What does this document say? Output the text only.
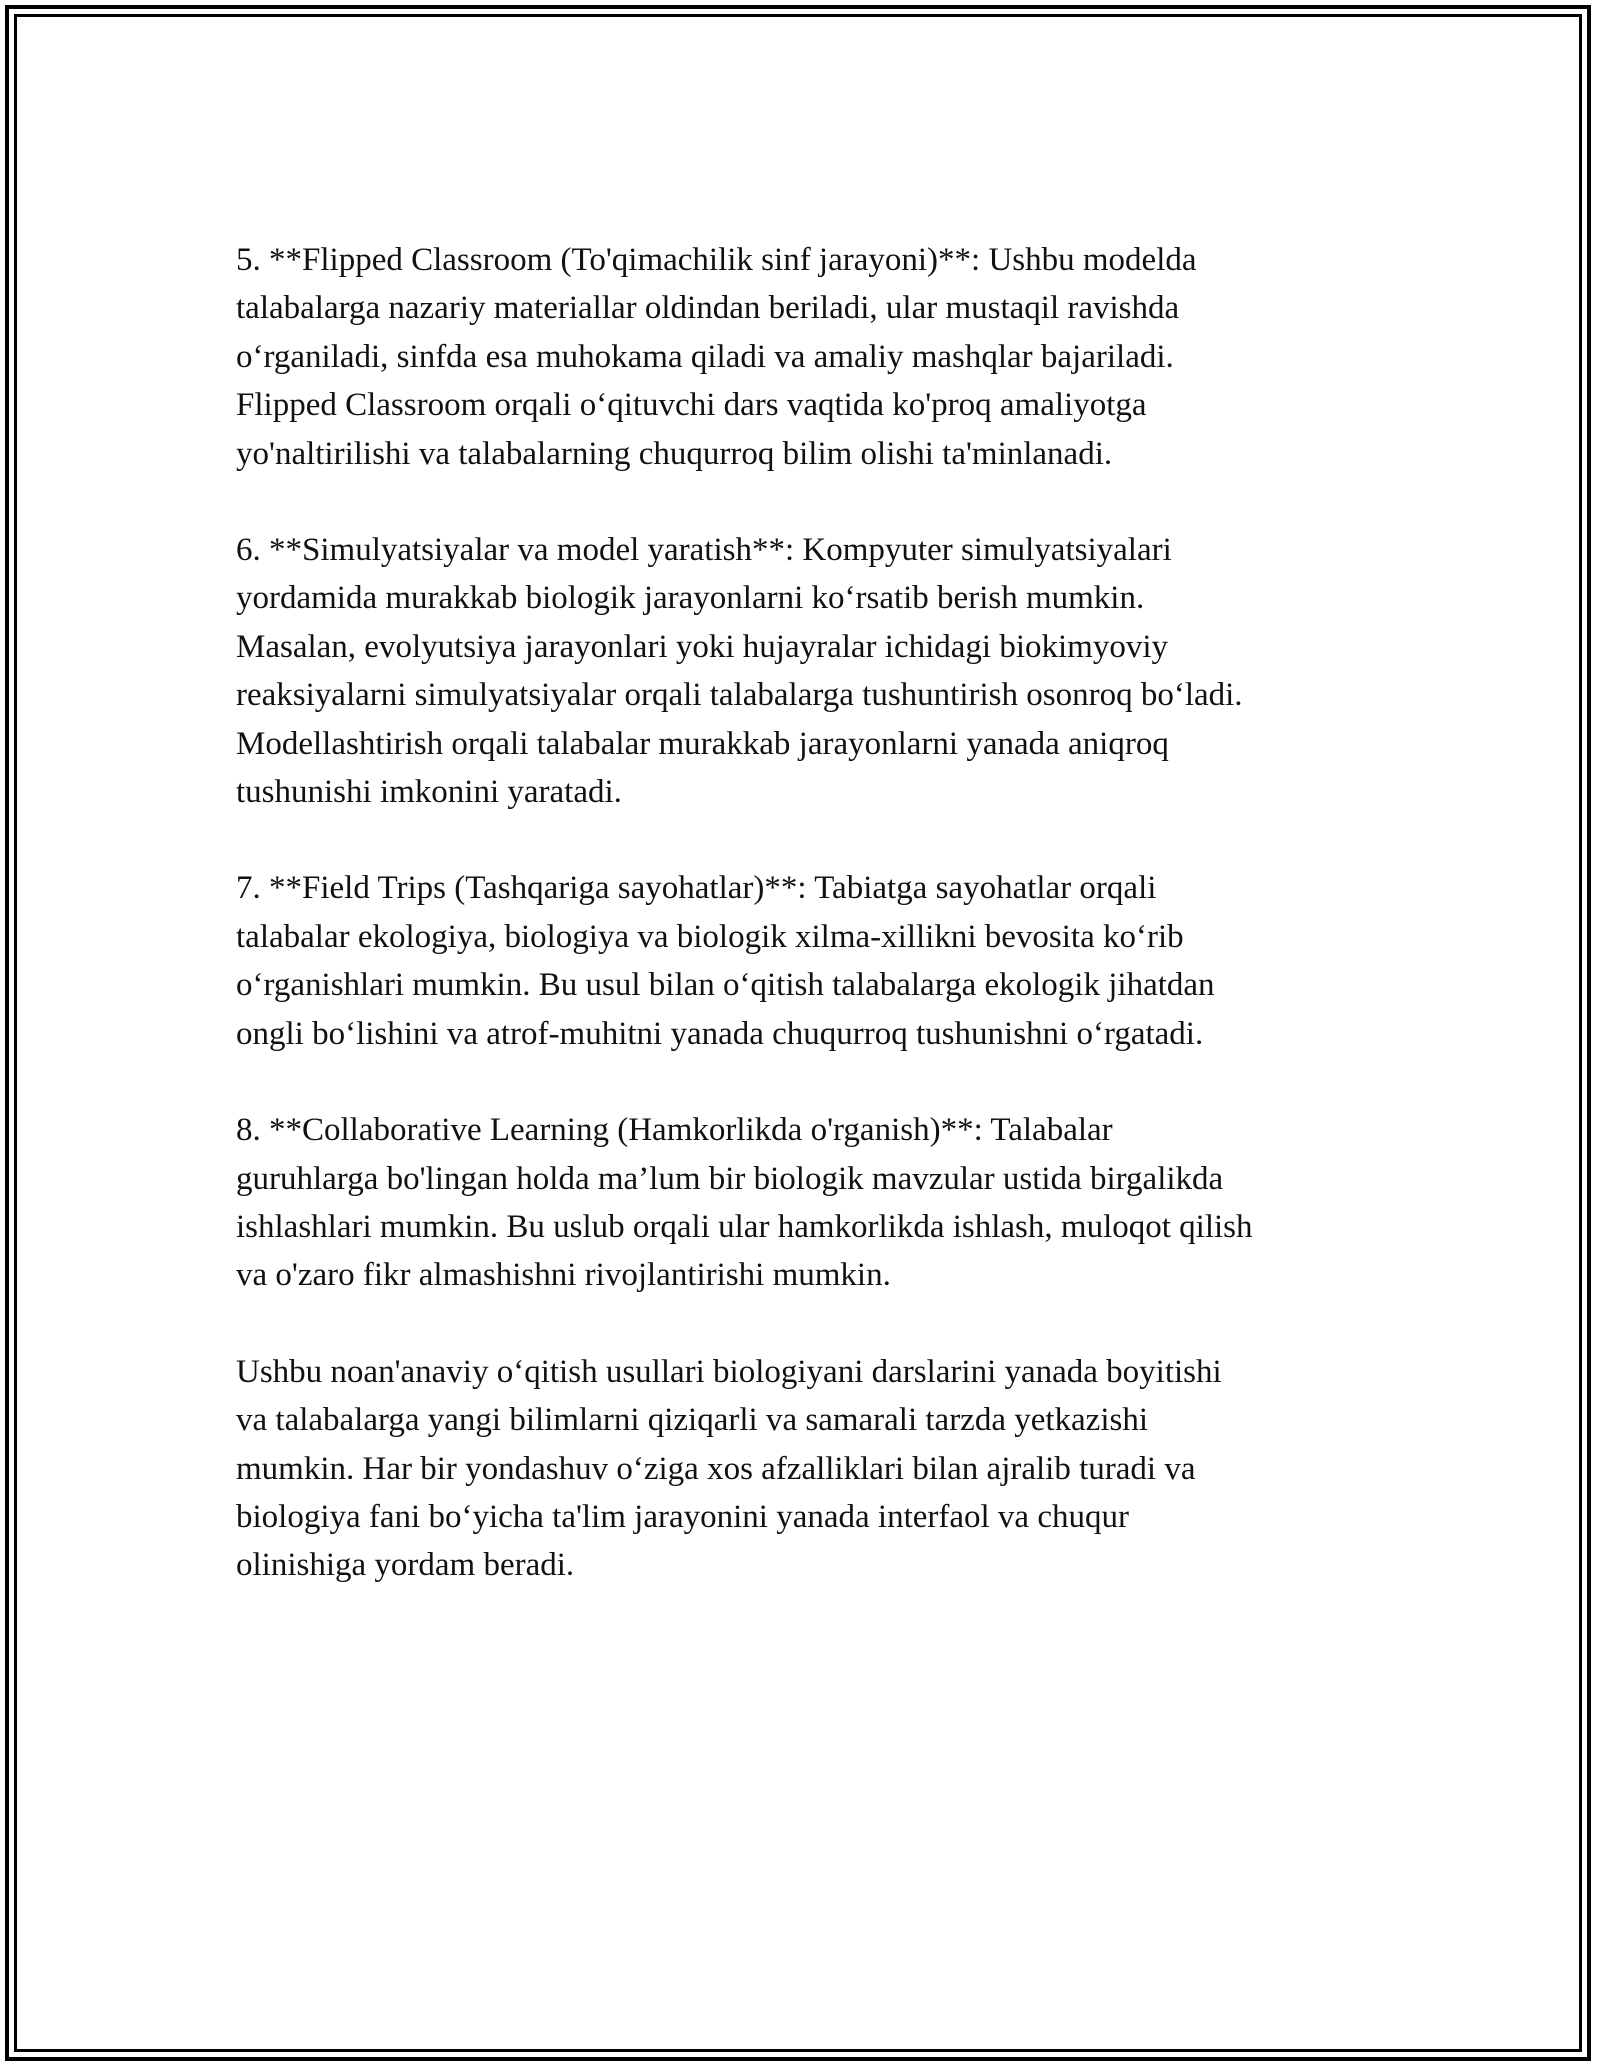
5. **Flipped Classroom (To'qimachilik sinf jarayoni)**: Ushbu modelda
talabalarga nazariy materiallar oldindan beriladi, ular mustaqil ravishda
o‘rganiladi, sinfda esa muhokama qiladi va amaliy mashqlar bajariladi.
Flipped Classroom orqali o‘qituvchi dars vaqtida ko'proq amaliyotga
yo'naltirilishi va talabalarning chuqurroq bilim olishi ta'minlanadi.

6. **Simulyatsiyalar va model yaratish**: Kompyuter simulyatsiyalari
yordamida murakkab biologik jarayonlarni ko‘rsatib berish mumkin.
Masalan, evolyutsiya jarayonlari yoki hujayralar ichidagi biokimyoviy
reaksiyalarni simulyatsiyalar orqali talabalarga tushuntirish osonroq bo‘ladi.
Modellashtirish orqali talabalar murakkab jarayonlarni yanada aniqroq
tushunishi imkonini yaratadi.

7. **Field Trips (Tashqariga sayohatlar)**: Tabiatga sayohatlar orqali
talabalar ekologiya, biologiya va biologik xilma-xillikni bevosita ko‘rib
o‘rganishlari mumkin. Bu usul bilan o‘qitish talabalarga ekologik jihatdan
ongli bo‘lishini va atrof-muhitni yanada chuqurroq tushunishni o‘rgatadi.

8. **Collaborative Learning (Hamkorlikda o'rganish)**: Talabalar
guruhlarga bo'lingan holda ma’lum bir biologik mavzular ustida birgalikda
ishlashlari mumkin. Bu uslub orqali ular hamkorlikda ishlash, muloqot qilish
va o'zaro fikr almashishni rivojlantirishi mumkin.

Ushbu noan'anaviy o‘qitish usullari biologiyani darslarini yanada boyitishi
va talabalarga yangi bilimlarni qiziqarli va samarali tarzda yetkazishi
mumkin. Har bir yondashuv o‘ziga xos afzalliklari bilan ajralib turadi va
biologiya fani bo‘yicha ta'lim jarayonini yanada interfaol va chuqur
olinishiga yordam beradi.
